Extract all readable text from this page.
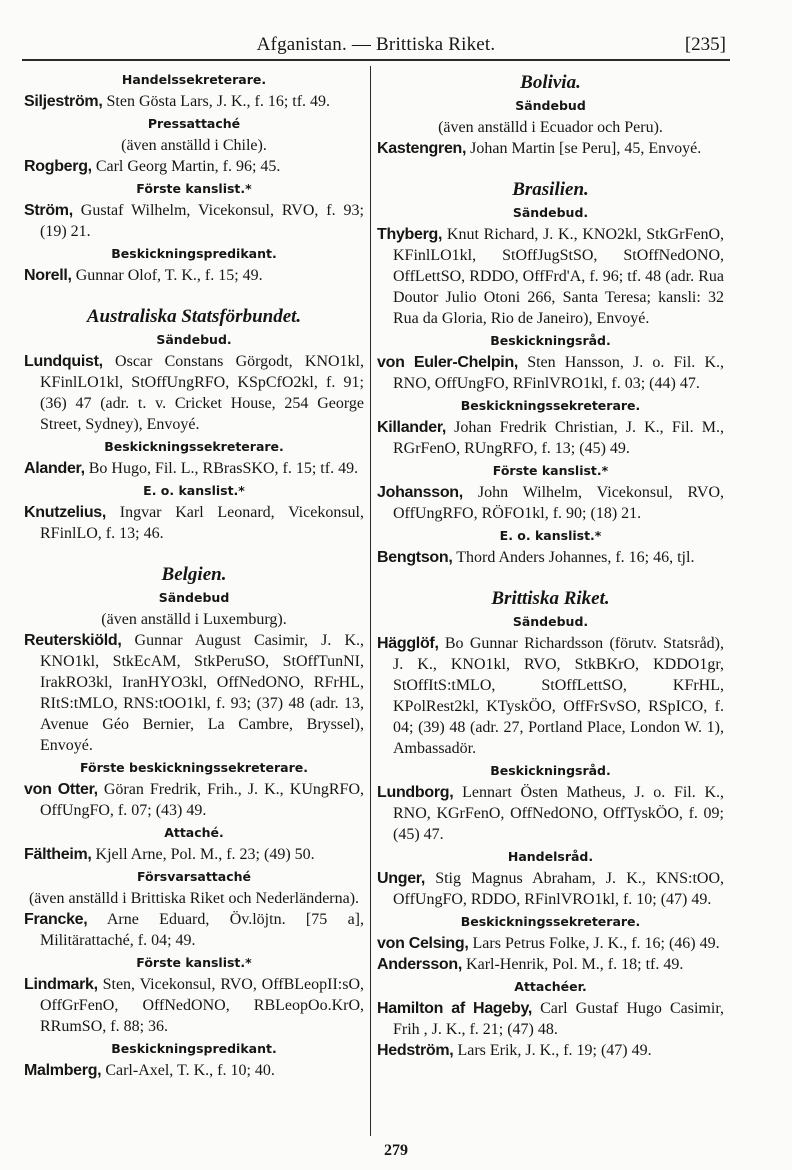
Afganistan. — Brittiska Riket.	[235]
Handelssekreterare.
Siljeström, Sten Gösta Lars, J. K., f. 16; tf. 49.
Pressattaché
(även anställd i Chile).
Rogberg, Carl Georg Martin, f. 96; 45.
Förste kanslist.*
Ström, Gustaf Wilhelm, Vicekonsul, RVO, f. 93; (19) 21.
Beskickningspredikant.
Norell, Gunnar Olof, T. K., f. 15; 49.
Australiska Statsförbundet.
Sändebud.
Lundquist, Oscar Constans Görgodt, KNO1kl, KFinlLO1kl, StOffUngRFO, KSpCfO2kl, f. 91; (36) 47 (adr. t. v. Cricket House, 254 George Street, Sydney), Envoyé.
Beskickningssekreterare.
Alander, Bo Hugo, Fil. L., RBrasSKO, f. 15; tf. 49.
E. o. kanslist.*
Knutzelius, Ingvar Karl Leonard, Vicekonsul, RFinlLO, f. 13; 46.
Belgien.
Sändebud
(även anställd i Luxemburg).
Reuterskiöld, Gunnar August Casimir, J. K., KNO1kl, StkEcAM, StkPeruSO, StOffTunNI, IrakRO3kl, IranHYO3kl, OffNedONO, RFrHL, RItS:tMLO, RNS:tOO1kl, f. 93; (37) 48 (adr. 13, Avenue Géo Bernier, La Cambre, Bryssel), Envoyé.
Förste beskickningssekreterare.
von Otter, Göran Fredrik, Frih., J. K., KUngRFO, OffUngFO, f. 07; (43) 49.
Attaché.
Fältheim, Kjell Arne, Pol. M., f. 23; (49) 50.
Försvarsattaché
(även anställd i Brittiska Riket och Nederländerna).
Francke, Arne Eduard, Öv.löjtn. [75 a], Militärattaché, f. 04; 49.
Förste kanslist.*
Lindmark, Sten, Vicekonsul, RVO, OffBLeopII:sO, OffGrFenO, OffNedONO, RBLeopOo.KrO, RRumSO, f. 88; 36.
Beskickningspredikant.
Malmberg, Carl-Axel, T. K., f. 10; 40.
Bolivia.
Sändebud
(även anställd i Ecuador och Peru).
Kastengren, Johan Martin [se Peru], 45, Envoyé.
Brasilien.
Sändebud.
Thyberg, Knut Richard, J. K., KNO2kl, StkGrFenO, KFinlLO1kl, StOffJugStSO, StOffNedONO, OffLettSO, RDDO, OffFrd'A, f. 96; tf. 48 (adr. Rua Doutor Julio Otoni 266, Santa Teresa; kansli: 32 Rua da Gloria, Rio de Janeiro), Envoyé.
Beskickningsråd.
von Euler-Chelpin, Sten Hansson, J. o. Fil. K., RNO, OffUngFO, RFinlVRO1kl, f. 03; (44) 47.
Beskickningssekreterare.
Killander, Johan Fredrik Christian, J. K., Fil. M., RGrFenO, RUngRFO, f. 13; (45) 49.
Förste kanslist.*
Johansson, John Wilhelm, Vicekonsul, RVO, OffUngRFO, RÖFO1kl, f. 90; (18) 21.
E. o. kanslist.*
Bengtson, Thord Anders Johannes, f. 16; 46, tjl.
Brittiska Riket.
Sändebud.
Hägglöf, Bo Gunnar Richardsson (förutv. Statsråd), J. K., KNO1kl, RVO, StkBKrO, KDDO1gr, StOffItS:tMLO, StOffLettSO, KFrHL, KPolRest2kl, KTyskÖO, OffFrSvSO, RSpICO, f. 04; (39) 48 (adr. 27, Portland Place, London W. 1), Ambassadör.
Beskickningsråd.
Lundborg, Lennart Östen Matheus, J. o. Fil. K., RNO, KGrFenO, OffNedONO, OffTyskÖO, f. 09; (45) 47.
Handelsråd.
Unger, Stig Magnus Abraham, J. K., KNS:tOO, OffUngFO, RDDO, RFinlVRO1kl, f. 10; (47) 49.
Beskickningssekreterare.
von Celsing, Lars Petrus Folke, J. K., f. 16; (46) 49.
Andersson, Karl-Henrik, Pol. M., f. 18; tf. 49.
Attachéer.
Hamilton af Hageby, Carl Gustaf Hugo Casimir, Frih , J. K., f. 21; (47) 48.
Hedström, Lars Erik, J. K., f. 19; (47) 49.
279
